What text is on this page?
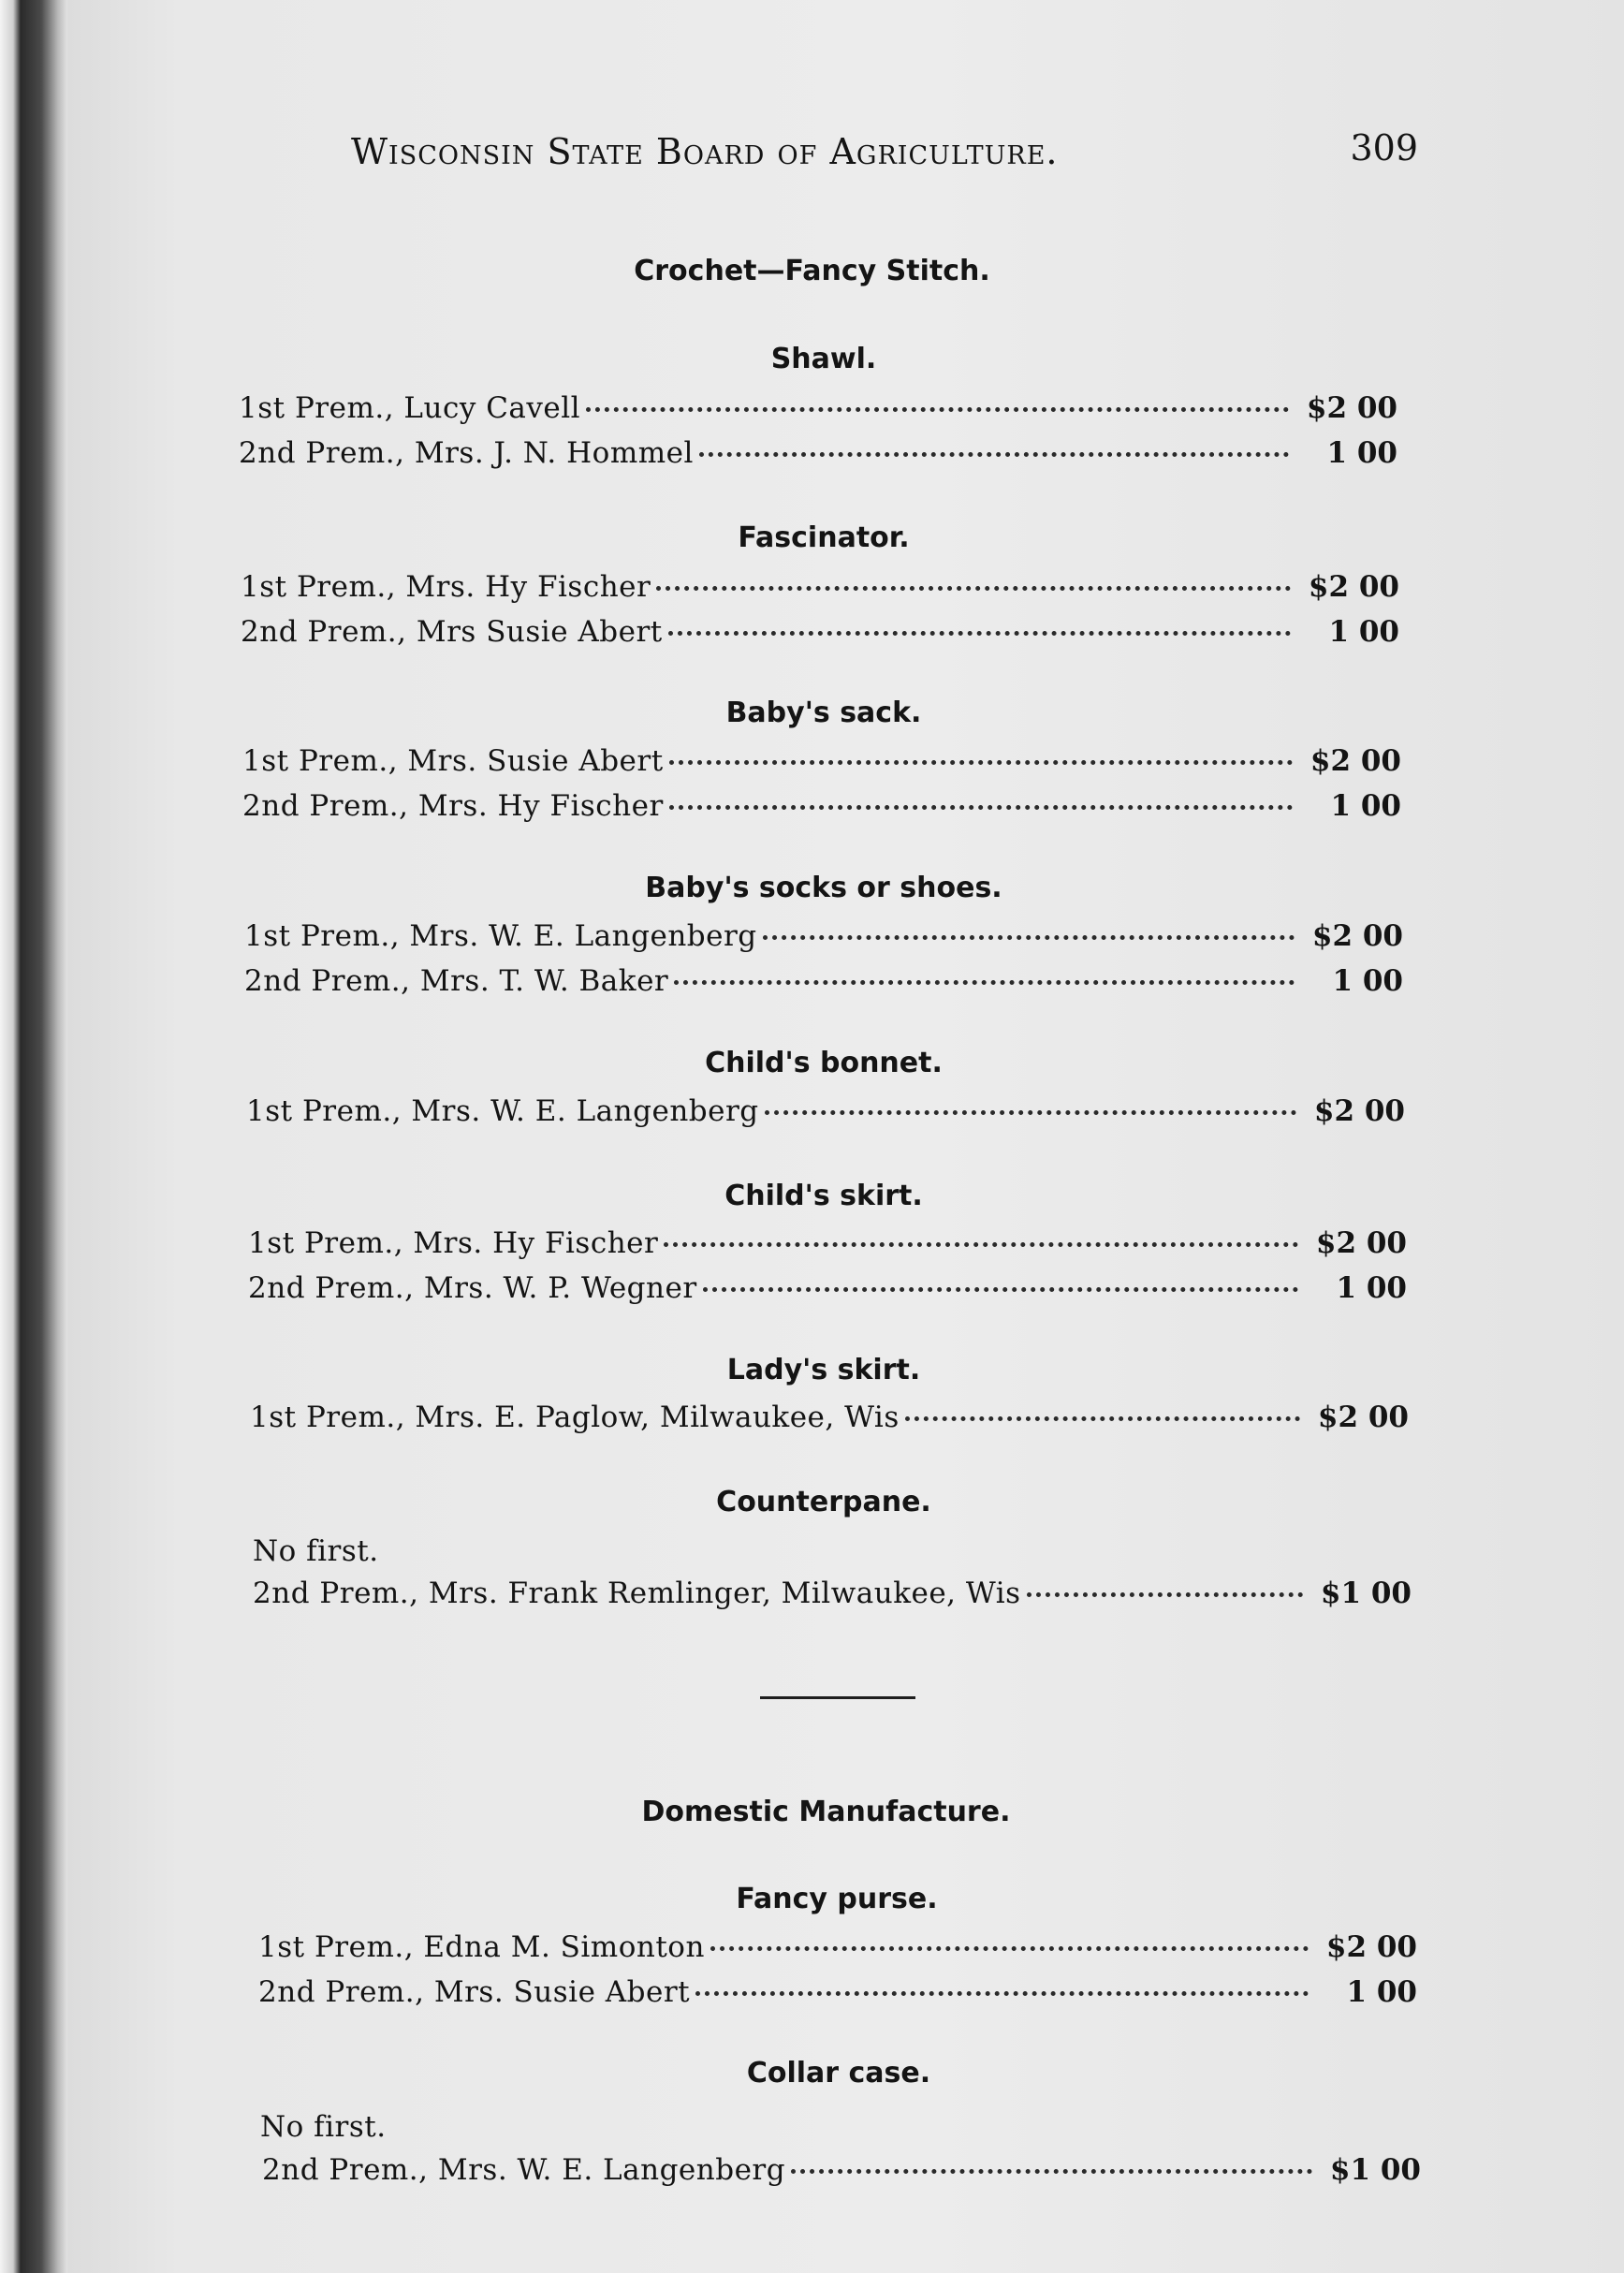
Wisconsin State Board of Agriculture.	309
Crochet—Fancy Stitch.
Shawl.
1st Prem., Lucy Cavell	$2 00
2nd Prem., Mrs. J. N. Hommel	1 00
Fascinator.
1st Prem., Mrs. Hy Fischer	$2 00
2nd Prem., Mrs Susie Abert	1 00
Baby's sack.
1st Prem., Mrs. Susie Abert	$2 00
2nd Prem., Mrs. Hy Fischer	1 00
Baby's socks or shoes.
1st Prem., Mrs. W. E. Langenberg	$2 00
2nd Prem., Mrs. T. W. Baker	1 00
Child's bonnet.
1st Prem., Mrs. W. E. Langenberg	$2 00
Child's skirt.
1st Prem., Mrs. Hy Fischer	$2 00
2nd Prem., Mrs. W. P. Wegner	1 00
Lady's skirt.
1st Prem., Mrs. E. Paglow, Milwaukee, Wis	$2 00
Counterpane.
No first.
2nd Prem., Mrs. Frank Remlinger, Milwaukee, Wis	$1 00
Domestic Manufacture.
Fancy purse.
1st Prem., Edna M. Simonton	$2 00
2nd Prem., Mrs. Susie Abert	1 00
Collar case.
No first.
2nd Prem., Mrs. W. E. Langenberg	$1 00
